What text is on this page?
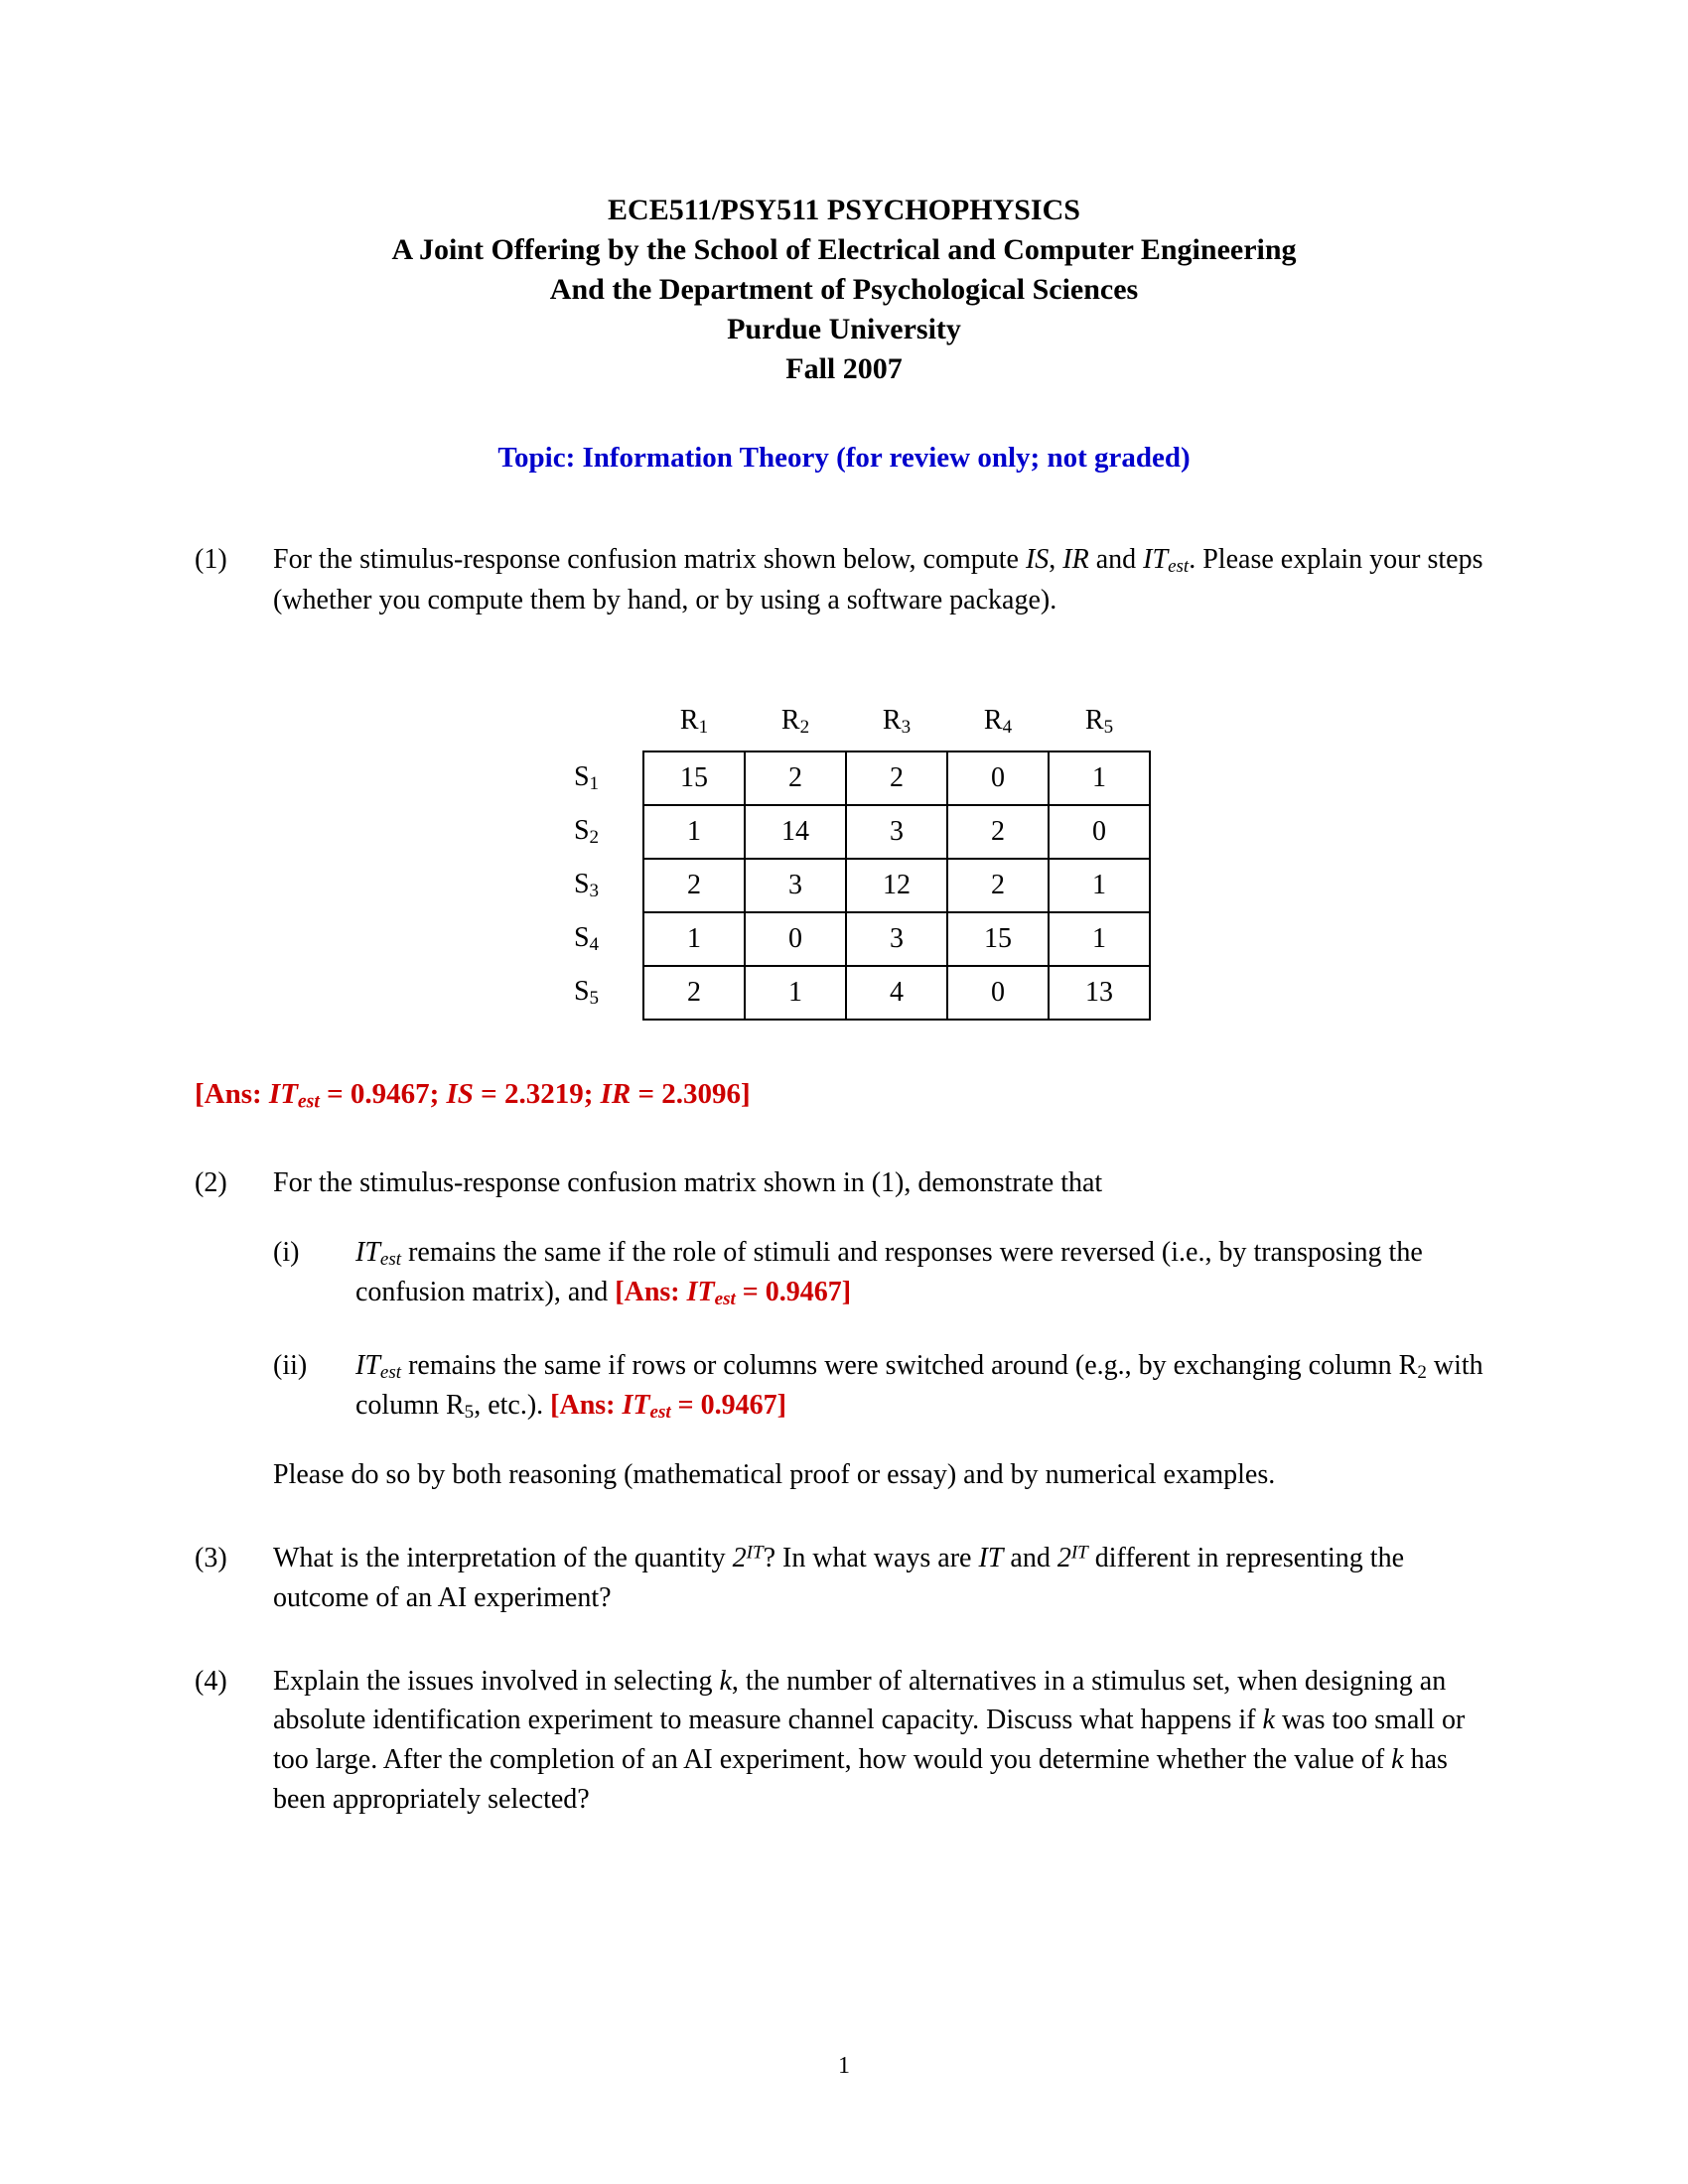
ECE511/PSY511 PSYCHOPHYSICS
A Joint Offering by the School of Electrical and Computer Engineering
And the Department of Psychological Sciences
Purdue University
Fall 2007
Topic: Information Theory (for review only; not graded)
(1)	For the stimulus-response confusion matrix shown below, compute IS, IR and $IT_{est}$. Please explain your steps (whether you compute them by hand, or by using a software package).
	$R_1$	$R_2$	$R_3$	$R_4$	$R_5$
$S_1$	15	2	2	0	1
$S_2$	1	14	3	2	0
$S_3$	2	3	12	2	1
$S_4$	1	0	3	15	1
$S_5$	2	1	4	0	13
[Ans: $IT_{est} = 0.9467$; IS = 2.3219; IR = 2.3096]
(2)	For the stimulus-response confusion matrix shown in (1), demonstrate that
(i)	$IT_{est}$ remains the same if the role of stimuli and responses were reversed (i.e., by transposing the confusion matrix), and [Ans: $IT_{est} = 0.9467$]
(ii)	$IT_{est}$ remains the same if rows or columns were switched around (e.g., by exchanging column $R_2$ with column $R_5$, etc.). [Ans: $IT_{est} = 0.9467$]
Please do so by both reasoning (mathematical proof or essay) and by numerical examples.
(3)	What is the interpretation of the quantity $2^{IT}$? In what ways are IT and $2^{IT}$ different in representing the outcome of an AI experiment?
(4)	Explain the issues involved in selecting k, the number of alternatives in a stimulus set, when designing an absolute identification experiment to measure channel capacity. Discuss what happens if k was too small or too large. After the completion of an AI experiment, how would you determine whether the value of k has been appropriately selected?
1
